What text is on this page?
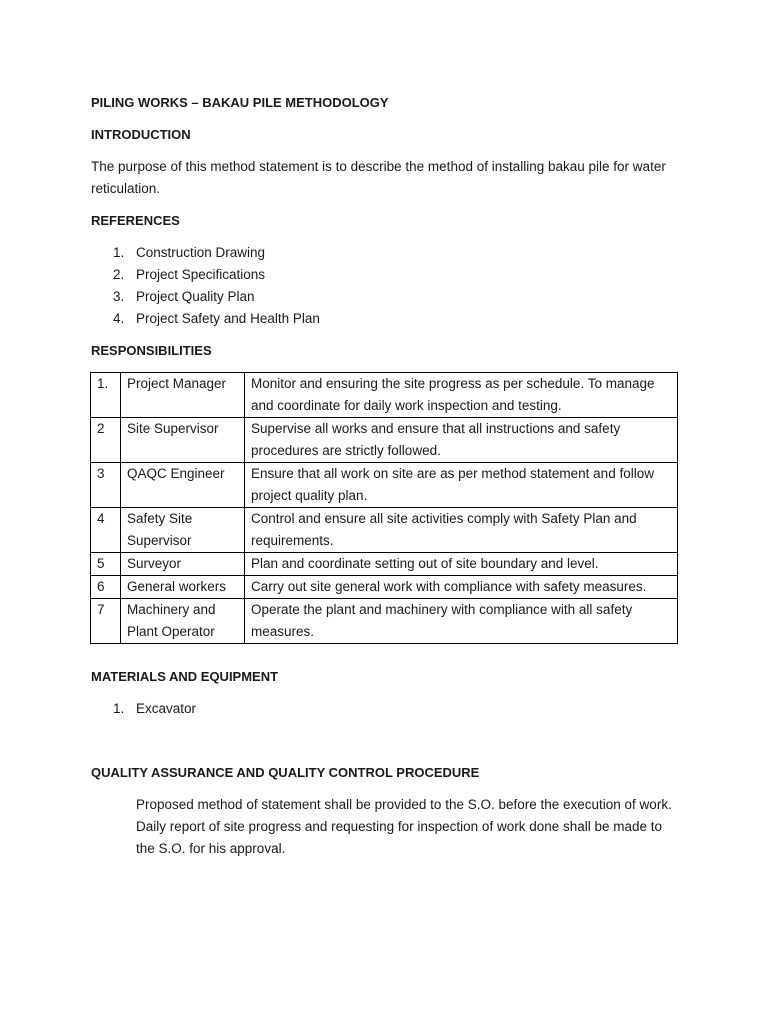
PILING WORKS – BAKAU PILE METHODOLOGY
INTRODUCTION
The purpose of this method statement is to describe the method of installing bakau pile for water reticulation.
REFERENCES
1. Construction Drawing
2. Project Specifications
3. Project Quality Plan
4. Project Safety and Health Plan
RESPONSIBILITIES
1.	Project Manager	Monitor and ensuring the site progress as per schedule. To manage and coordinate for daily work inspection and testing.
2	Site Supervisor	Supervise all works and ensure that all instructions and safety procedures are strictly followed.
3	QAQC Engineer	Ensure that all work on site are as per method statement and follow project quality plan.
4	Safety Site Supervisor	Control and ensure all site activities comply with Safety Plan and requirements.
5	Surveyor	Plan and coordinate setting out of site boundary and level.
6	General workers	Carry out site general work with compliance with safety measures.
7	Machinery and Plant Operator	Operate the plant and machinery with compliance with all safety measures.
MATERIALS AND EQUIPMENT
1. Excavator
QUALITY ASSURANCE AND QUALITY CONTROL PROCEDURE
Proposed method of statement shall be provided to the S.O. before the execution of work. Daily report of site progress and requesting for inspection of work done shall be made to the S.O. for his approval.
